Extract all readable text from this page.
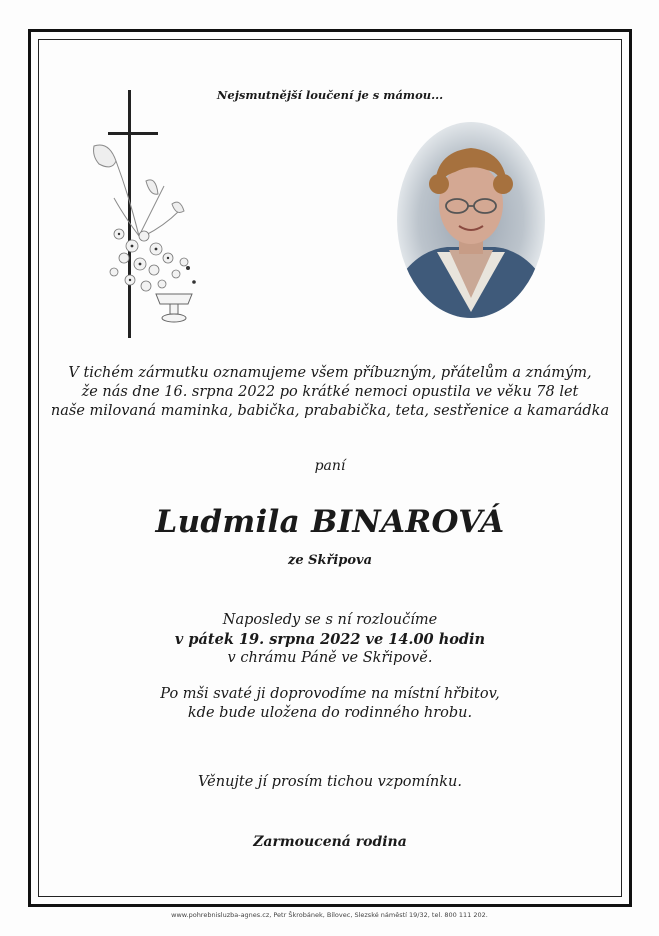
Nejsmutnější loučení je s mámou...
V tichém zármutku oznamujeme všem příbuzným, přátelům a známým,
že nás dne 16. srpna 2022 po krátké nemoci opustila ve věku 78 let
naše milovaná maminka, babička, prababička, teta, sestřenice a kamarádka
paní
Ludmila BINAROVÁ
ze Skřipova
Naposledy se s ní rozloučíme
v pátek 19. srpna 2022 ve 14.00 hodin
v chrámu Páně ve Skřipově.
Po mši svaté ji doprovodíme na místní hřbitov,
kde bude uložena do rodinného hrobu.
Věnujte jí prosím tichou vzpomínku.
Zarmoucená rodina
www.pohrebnisluzba-agnes.cz, Petr Škrobánek, Bílovec, Slezské náměstí 19/32, tel. 800 111 202.
